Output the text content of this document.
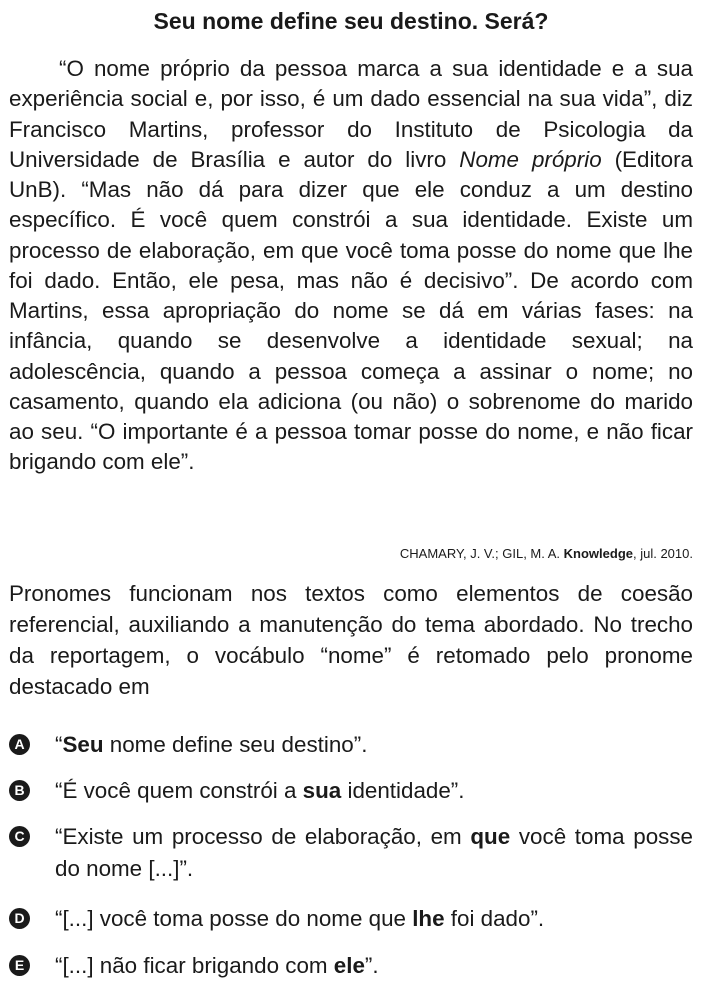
Seu nome define seu destino. Será?

“O nome próprio da pessoa marca a sua identidade e a sua experiência social e, por isso, é um dado essencial na sua vida”, diz Francisco Martins, professor do Instituto de Psicologia da Universidade de Brasília e autor do livro Nome próprio (Editora UnB). “Mas não dá para dizer que ele conduz a um destino específico. É você quem constrói a sua identidade. Existe um processo de elaboração, em que você toma posse do nome que lhe foi dado. Então, ele pesa, mas não é decisivo”. De acordo com Martins, essa apropriação do nome se dá em várias fases: na infância, quando se desenvolve a identidade sexual; na adolescência, quando a pessoa começa a assinar o nome; no casamento, quando ela adiciona (ou não) o sobrenome do marido ao seu. “O importante é a pessoa tomar posse do nome, e não ficar brigando com ele”.

CHAMARY, J. V.; GIL, M. A. Knowledge, jul. 2010.

Pronomes funcionam nos textos como elementos de coesão referencial, auxiliando a manutenção do tema abordado. No trecho da reportagem, o vocábulo “nome” é retomado pelo pronome destacado em

A “Seu nome define seu destino”.
B “É você quem constrói a sua identidade”.
C “Existe um processo de elaboração, em que você toma posse do nome [...]”.
D “[...] você toma posse do nome que lhe foi dado”.
E “[...] não ficar brigando com ele”.
